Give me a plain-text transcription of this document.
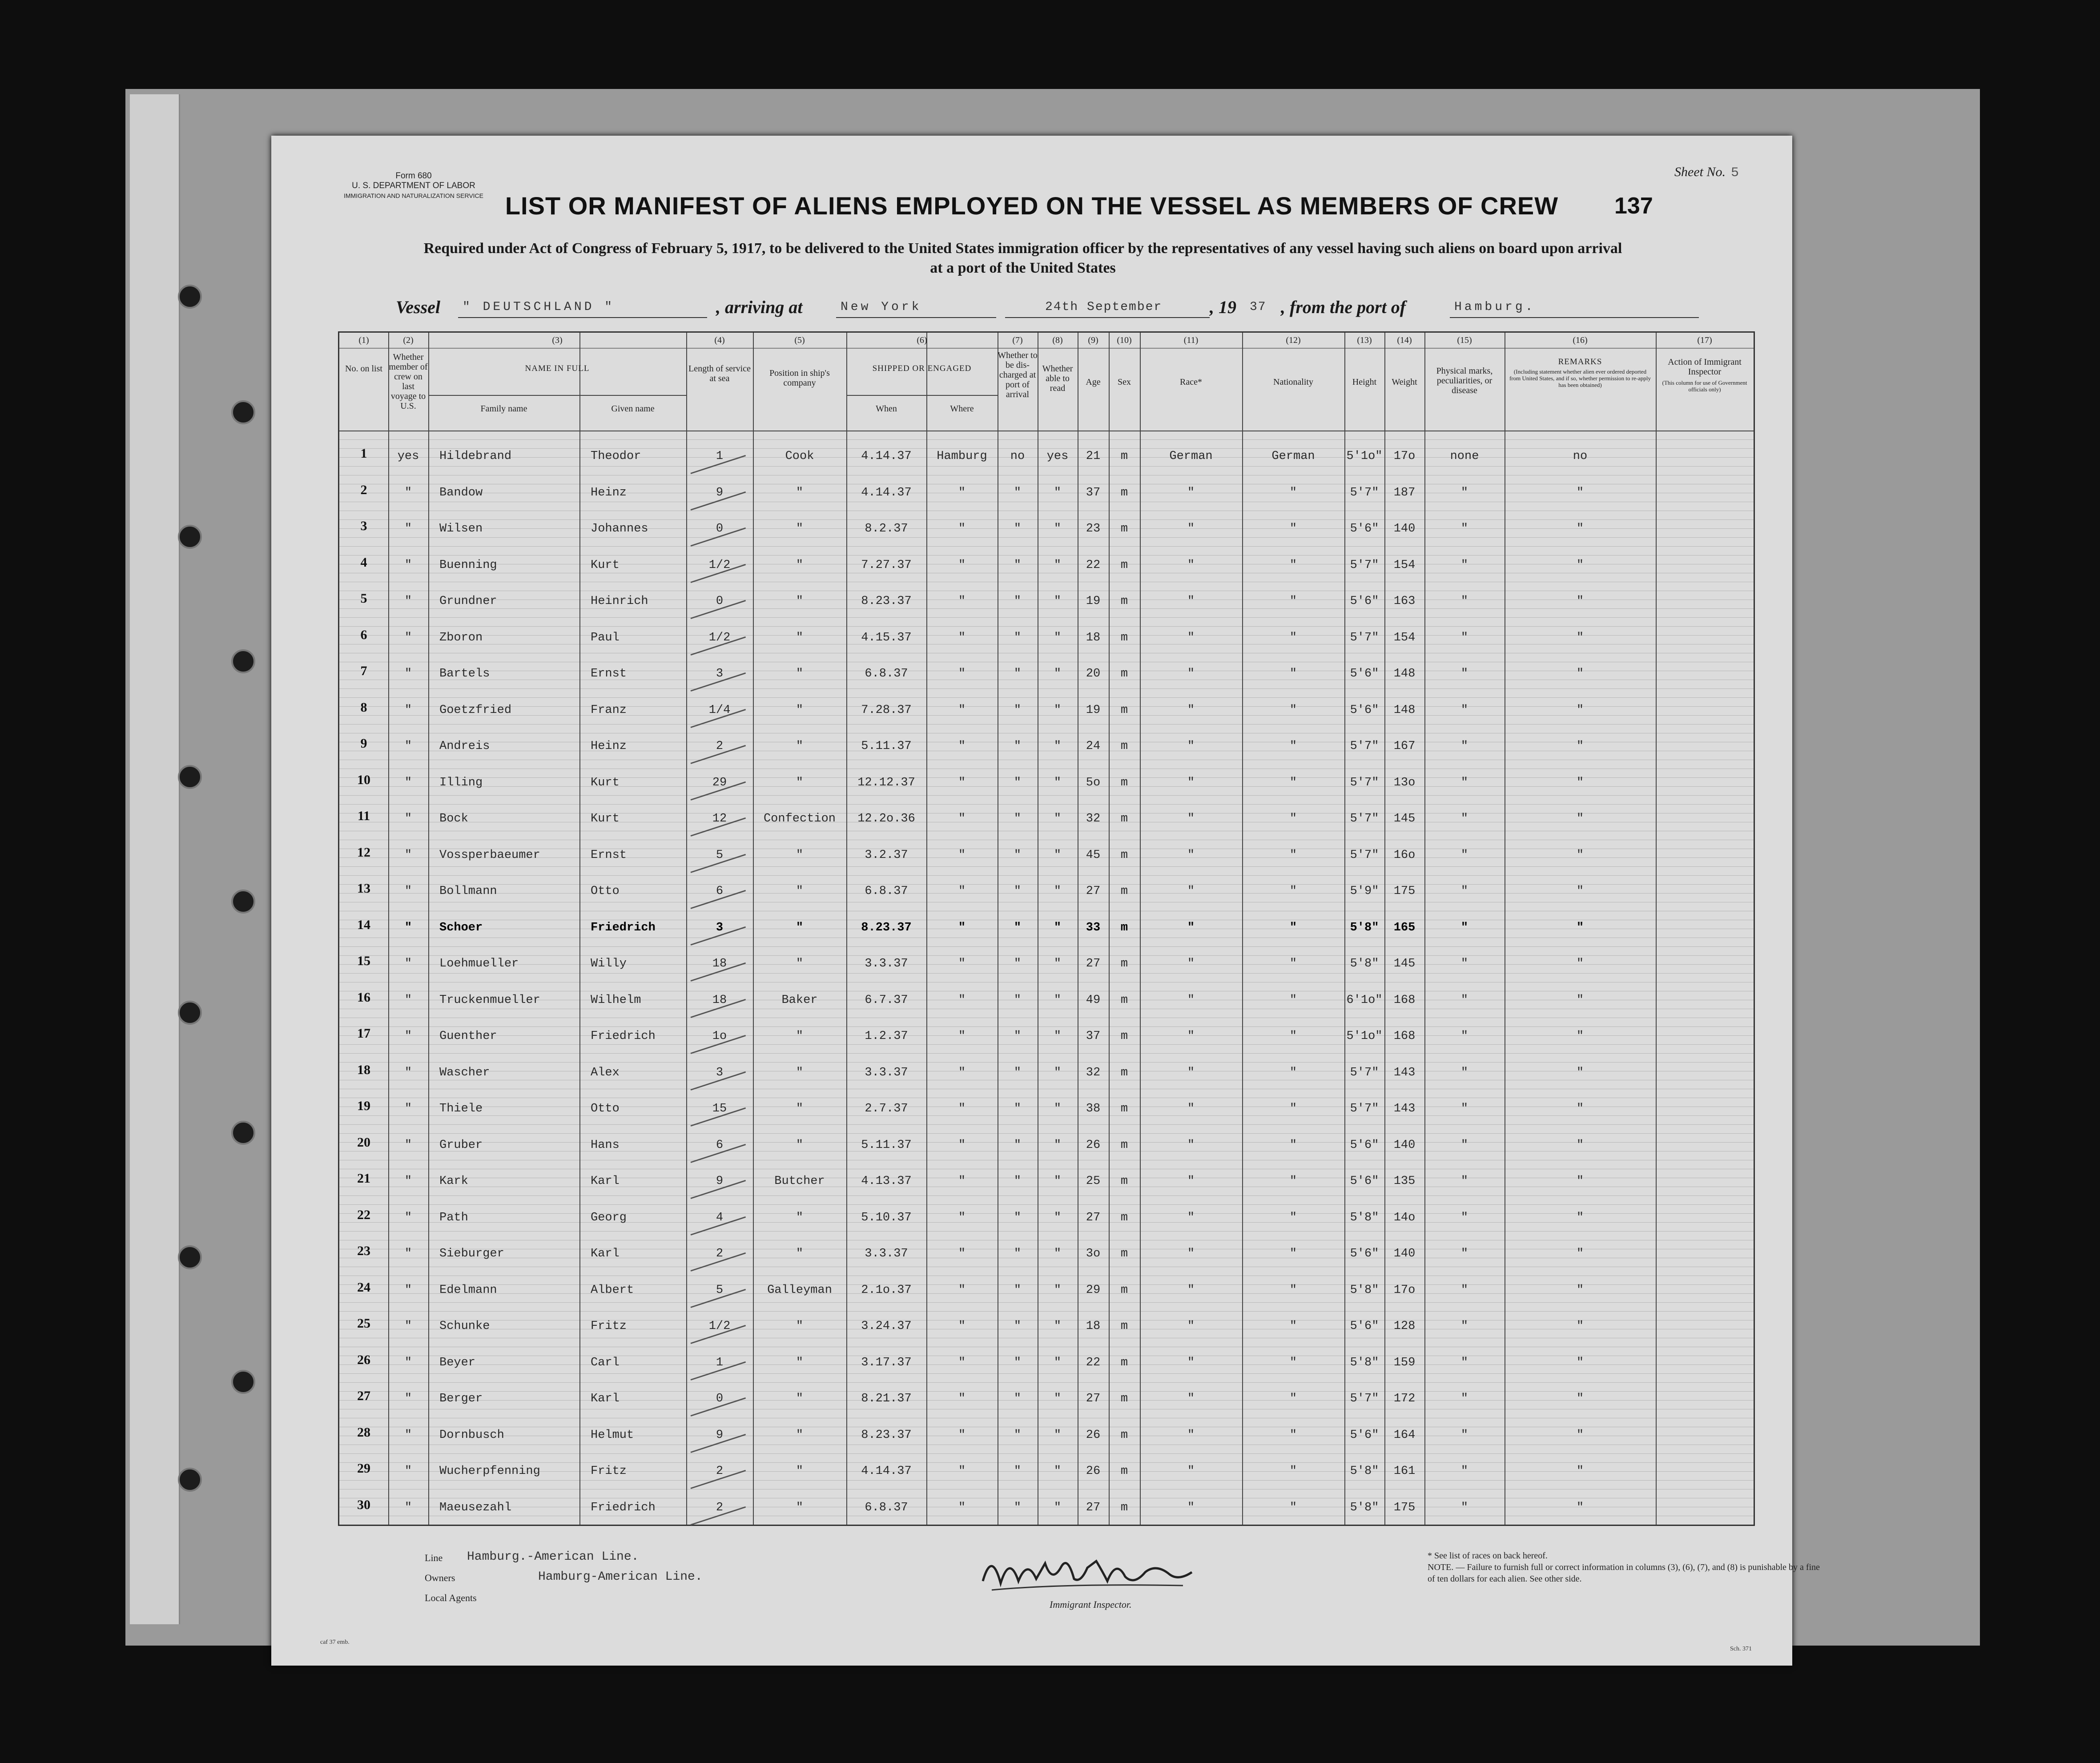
Form 680
U. S. DEPARTMENT OF LABOR
IMMIGRATION AND NATURALIZATION SERVICE
Sheet No. 5
LIST OR MANIFEST OF ALIENS EMPLOYED ON THE VESSEL AS MEMBERS OF CREW	137
Required under Act of Congress of February 5, 1917, to be delivered to the United States immigration officer by the representatives of any vessel having such aliens on board upon arrival
at a port of the United States
Vessel " DEUTSCHLAND "	, arriving at	New York	24th September	, 19 37 , from the port of	Hamburg.
(1)	(2)	(3)	(4)	(5)	(6)	(7)	(8)	(9)	(10)	(11)	(12)	(13)	(14)	(15)	(16)	(17)
No. on list
Whether member of crew on last voyage to U.S.
NAME IN FULL
Family name	Given name
Length of service at sea
Position in ship's company
SHIPPED OR ENGAGED
When	Where
Whether to be dis-charged at port of arrival
Whether able to read
Age	Sex	Race*	Nationality	Height	Weight
Physical marks, peculiarities, or disease
REMARKS
(Including statement whether alien ever ordered deported from United States, and if so, whether permission to re-apply has been obtained)
Action of Immigrant Inspector
(This column for use of Government officials only)
1	yes	Hildebrand	Theodor	1	Cook	4.14.37	Hamburg	no	yes	21	m	German	German	5'1o" 17o	none	no
2	"	Bandow	Heinz	9	"	4.14.37	"	"	"	37	m	"	"	5'7"	187	"	"
3	"	Wilsen	Johannes	0	"	8.2.37	"	"	"	23	m	"	"	5'6"	140	"	"
4	"	Buenning	Kurt	1/2	"	7.27.37	"	"	"	22	m	"	"	5'7"	154	"	"
5	"	Grundner	Heinrich	0	"	8.23.37	"	"	"	19	m	"	"	5'6"	163	"	"
6	"	Zboron	Paul	1/2	"	4.15.37	"	"	"	18	m	"	"	5'7"	154	"	"
7	"	Bartels	Ernst	3	"	6.8.37	"	"	"	20	m	"	"	5'6"	148	"	"
8	"	Goetzfried	Franz	1/4	"	7.28.37	"	"	"	19	m	"	"	5'6"	148	"	"
9	"	Andreis	Heinz	2	"	5.11.37	"	"	"	24	m	"	"	5'7"	167	"	"
10	"	Illing	Kurt	29	"	12.12.37	"	"	"	5o	m	"	"	5'7"	13o	"	"
11	"	Bock	Kurt	12	Confection	12.2o.36	"	"	"	32	m	"	"	5'7"	145	"	"
12	"	Vossperbaeumer	Ernst	5	"	3.2.37	"	"	"	45	m	"	"	5'7"	16o	"	"
13	"	Bollmann	Otto	6	"	6.8.37	"	"	"	27	m	"	"	5'9"	175	"	"
14	"	Schoer	Friedrich	3	"	8.23.37	"	"	"	33	m	"	"	5'8"	165	"	"
15	"	Loehmueller	Willy	18	"	3.3.37	"	"	"	27	m	"	"	5'8"	145	"	"
16	"	Truckenmueller	Wilhelm	18	Baker	6.7.37	"	"	"	49	m	"	"	6'1o" 168	"	"
17	"	Guenther	Friedrich	1o	"	1.2.37	"	"	"	37	m	"	"	5'1o" 168	"	"
18	"	Wascher	Alex	3	"	3.3.37	"	"	"	32	m	"	"	5'7"	143	"	"
19	"	Thiele	Otto	15	"	2.7.37	"	"	"	38	m	"	"	5'7"	143	"	"
20	"	Gruber	Hans	6	"	5.11.37	"	"	"	26	m	"	"	5'6"	140	"	"
21	"	Kark	Karl	9	Butcher	4.13.37	"	"	"	25	m	"	"	5'6"	135	"	"
22	"	Path	Georg	4	"	5.10.37	"	"	"	27	m	"	"	5'8"	14o	"	"
23	"	Sieburger	Karl	2	"	3.3.37	"	"	"	3o	m	"	"	5'6"	140	"	"
24	"	Edelmann	Albert	5	Galleyman	2.1o.37	"	"	"	29	m	"	"	5'8"	17o	"	"
25	"	Schunke	Fritz	1/2	"	3.24.37	"	"	"	18	m	"	"	5'6"	128	"	"
26	"	Beyer	Carl	1	"	3.17.37	"	"	"	22	m	"	"	5'8"	159	"	"
27	"	Berger	Karl	0	"	8.21.37	"	"	"	27	m	"	"	5'7"	172	"	"
28	"	Dornbusch	Helmut	9	"	8.23.37	"	"	"	26	m	"	"	5'6"	164	"	"
29	"	Wucherpfenning	Fritz	2	"	4.14.37	"	"	"	26	m	"	"	5'8"	161	"	"
30	"	Maeusezahl	Friedrich	2	"	6.8.37	"	"	"	27	m	"	"	5'8"	175	"	"
Line Hamburg.-American Line.
Owners	Hamburg-American Line.
Local Agents
Immigrant Inspector.
* See list of races on back hereof.
NOTE. — Failure to furnish full or correct information in columns (3), (6), (7), and (8) is punishable by a fine of ten dollars for each alien. See other side.
caf 37 emb.
Sch. 371
